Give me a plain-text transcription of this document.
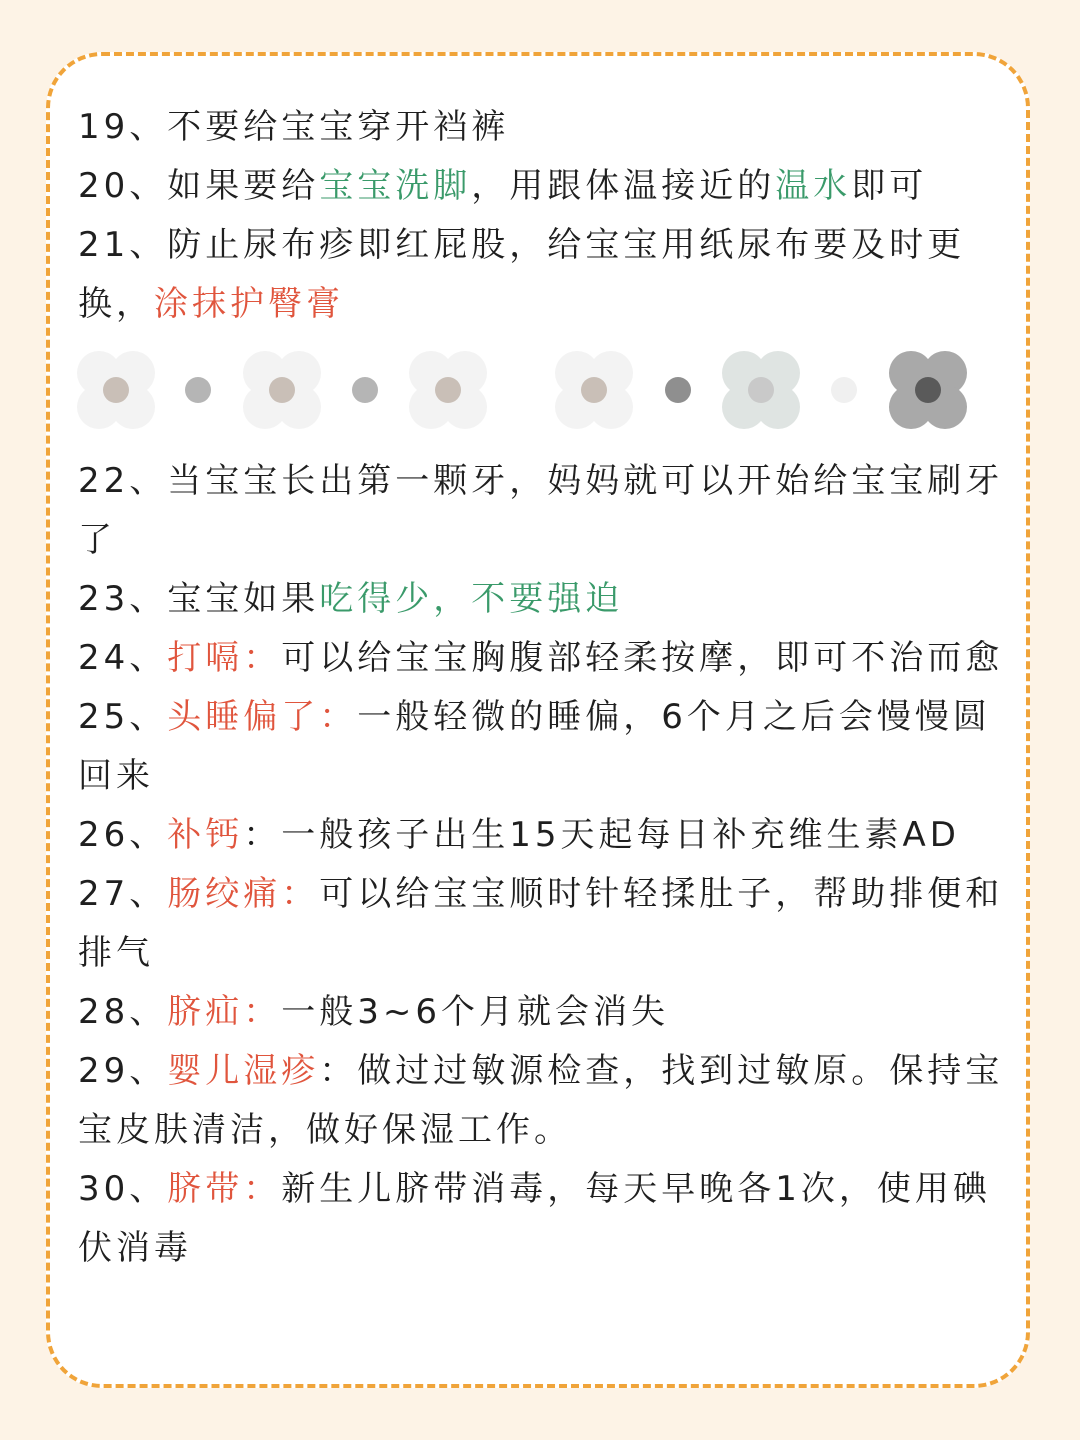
19、不要给宝宝穿开裆裤

20、如果要给宝宝洗脚，用跟体温接近的温水即可

21、防止尿布疹即红屁股，给宝宝用纸尿布要及时更换，涂抹护臀膏

22、当宝宝长出第一颗牙，妈妈就可以开始给宝宝刷牙了

23、宝宝如果吃得少，不要强迫

24、打嗝：可以给宝宝胸腹部轻柔按摩，即可不治而愈

25、头睡偏了：一般轻微的睡偏，6个月之后会慢慢圆回来

26、补钙：一般孩子出生15天起每日补充维生素AD

27、肠绞痛：可以给宝宝顺时针轻揉肚子，帮助排便和排气

28、脐疝：一般3~6个月就会消失

29、婴儿湿疹：做过过敏源检查，找到过敏原。保持宝宝皮肤清洁，做好保湿工作。

30、脐带：新生儿脐带消毒，每天早晚各1次，使用碘伏消毒
